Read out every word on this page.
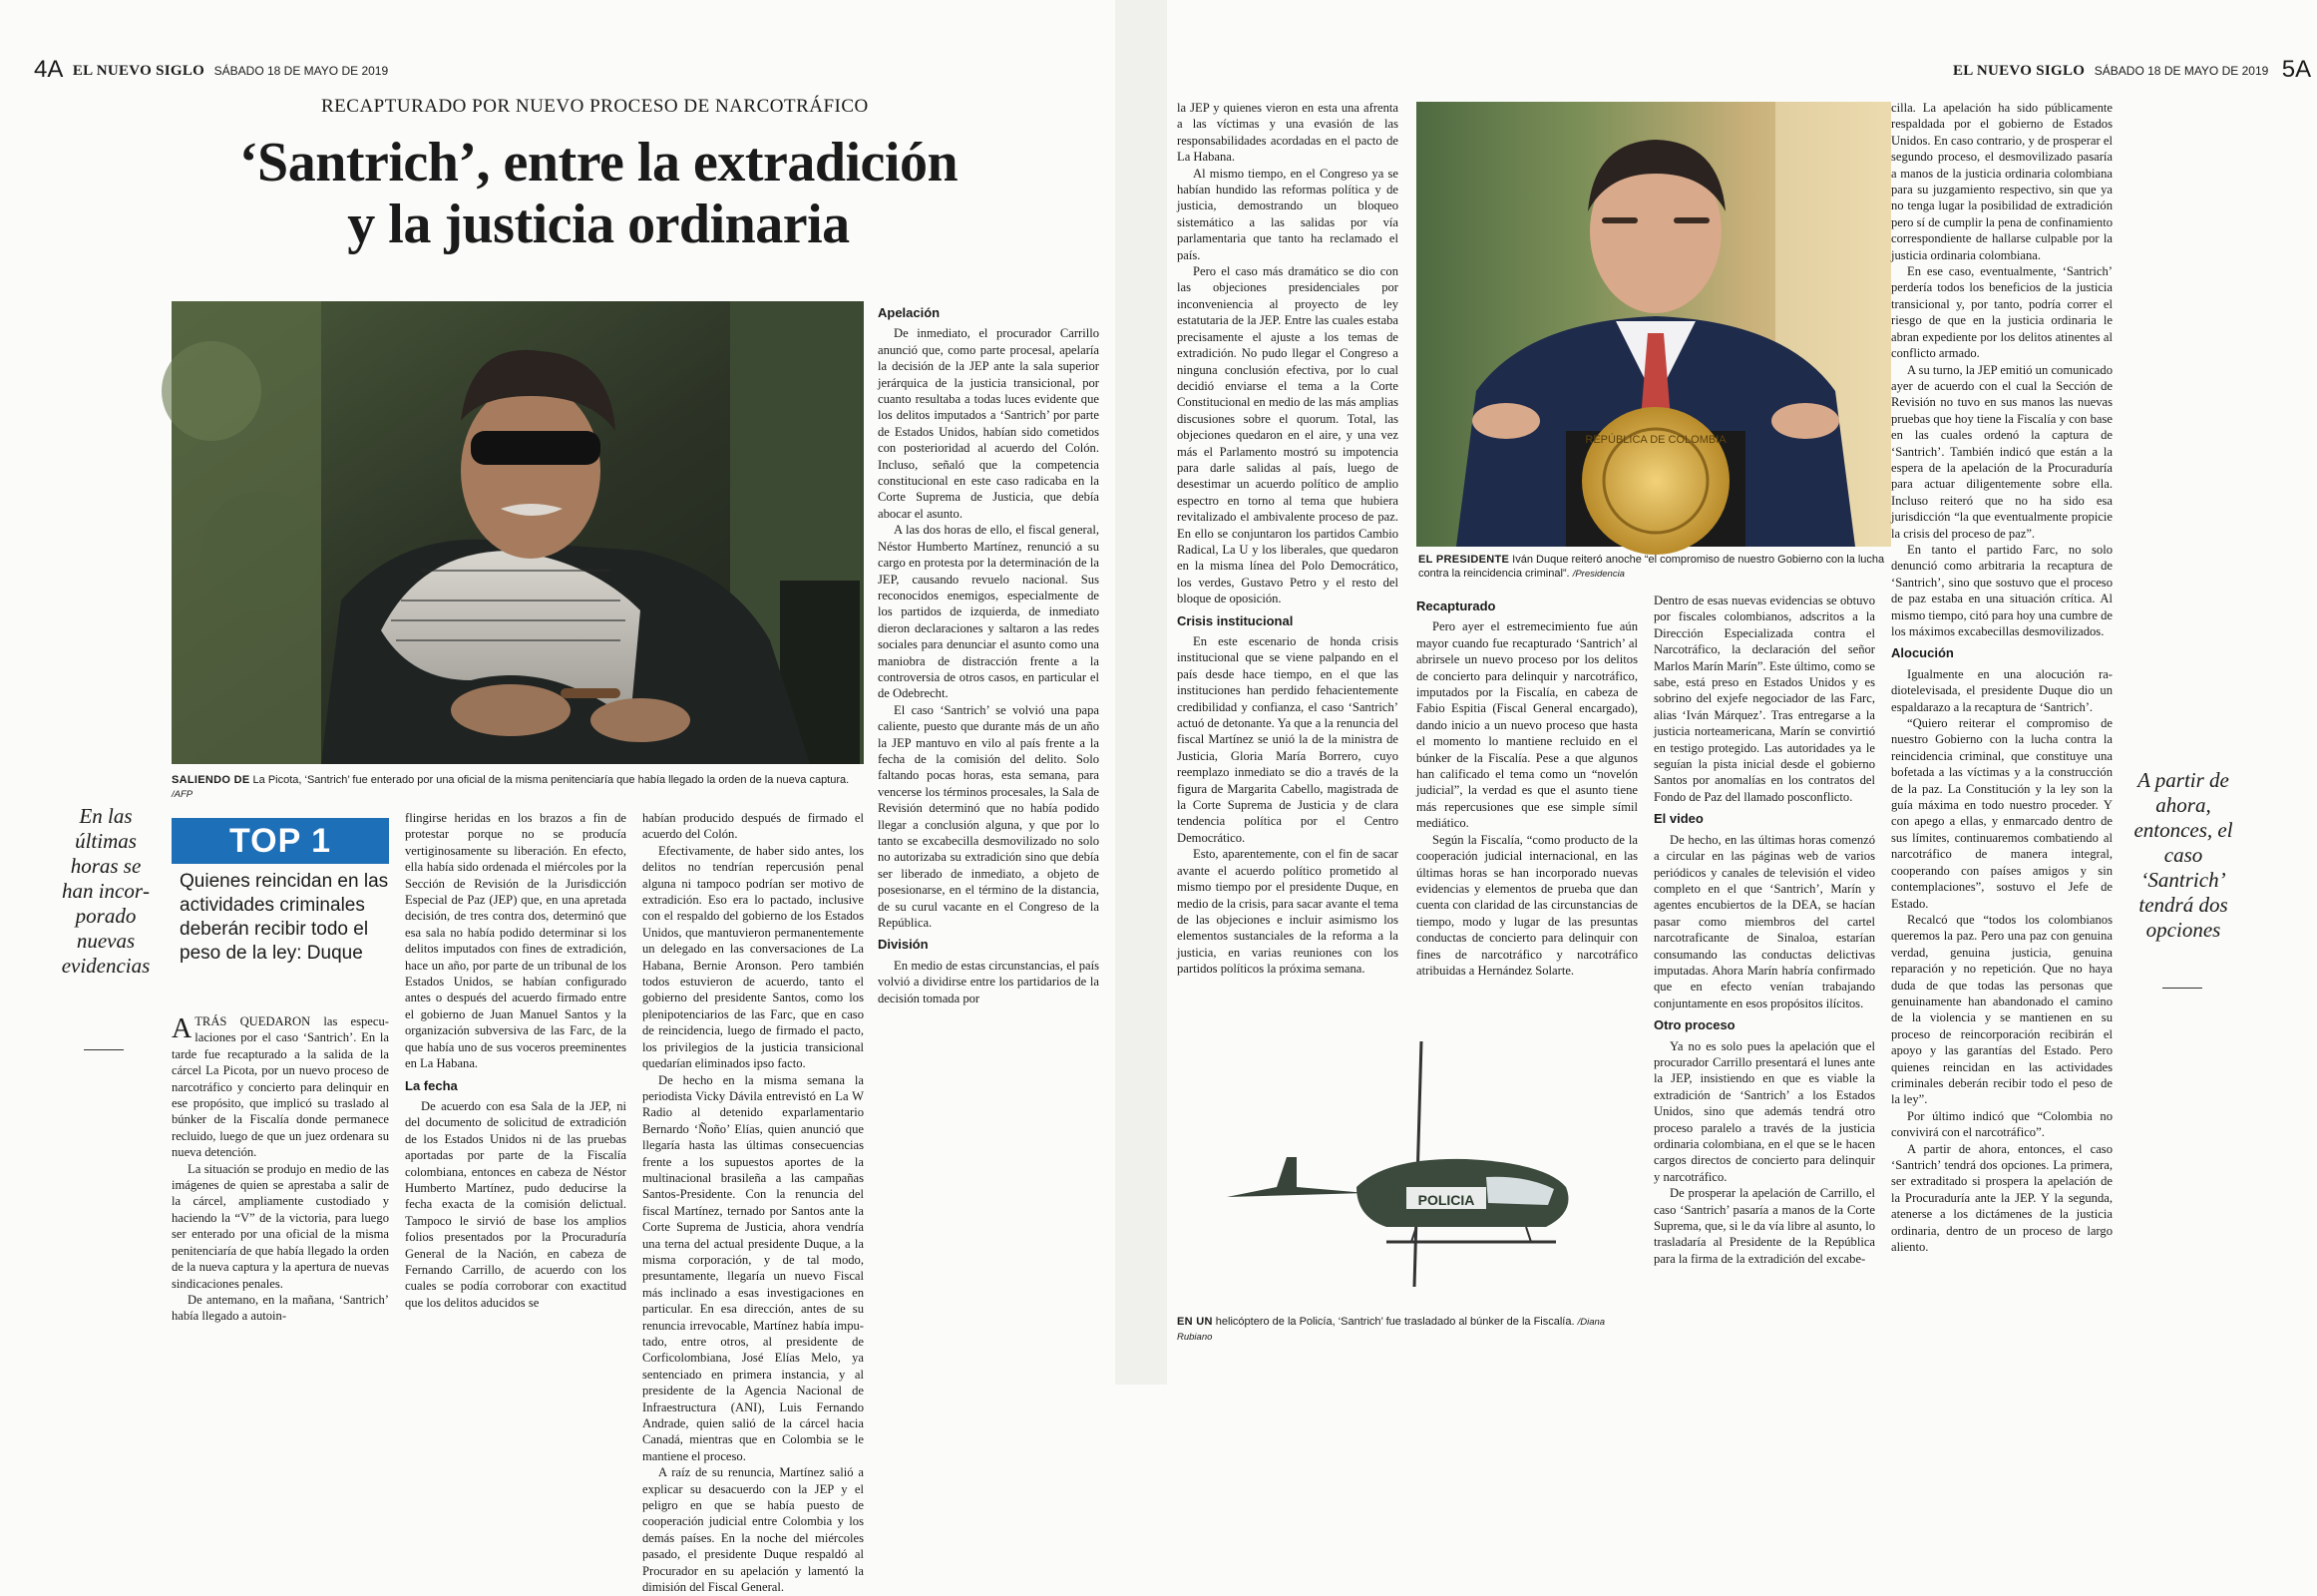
4A EL NUEVO SIGLO SÁBADO 18 DE MAYO DE 2019
RECAPTURADO POR NUEVO PROCESO DE NARCOTRÁFICO
‘Santrich’, entre la extradición
y la justicia ordinaria
SALIENDO DE La Picota, ‘Santrich’ fue enterado por una oficial de la misma penitenciaría que había llegado la orden de la nueva captura. /AFP
En las últimas horas se han incorporado nuevas evidencias
TOP 1
Quienes reincidan en las actividades criminales deberán recibir todo el peso de la ley: Duque

ATRÁS QUEDARON las especulaciones por el caso ‘Santrich’. En la tarde fue recapturado a la salida de la cárcel La Picota, por un nuevo proceso de narcotráfico y concierto para delinquir en ese propósito, que implicó su traslado al búnker de la Fiscalía donde permanece recluido, luego de que un juez ordenara su nueva detención.

La situación se produjo en medio de las imágenes de quien se aprestaba a salir de la cárcel, ampliamente custodiado y haciendo la “V” de la victoria, para luego ser enterado por una oficial de la misma penitenciaría de que había llegado la orden de la nueva captura y la apertura de nuevas sindicaciones penales.

De antemano, en la mañana, ‘Santrich’ había llegado a autoin-

flingirse heridas en los brazos a fin de protestar porque no se producía vertiginosamente su liberación. En efecto, ella había sido ordenada el miércoles por la Sección de Revisión de la Jurisdicción Especial de Paz (JEP) que, en una apretada decisión, de tres contra dos, determinó que esa sala no había podido determinar si los delitos imputados con fines de extradición, hace un año, por parte de un tribunal de los Estados Unidos, se habían configurado antes o después del acuerdo firmado entre el gobierno de Juan Manuel Santos y la organización subversiva de las Farc, de la que había uno de sus voceros preeminentes en La Habana.

La fecha

De acuerdo con esa Sala de la JEP, ni del documento de solicitud de extradición de los Estados Unidos ni de las pruebas aportadas por parte de la Fiscalía colombiana, entonces en cabeza de Néstor Humberto Martínez, pudo deducirse la fecha exacta de la comisión delictual. Tampoco le sirvió de base los amplios folios presentados por la Procuraduría General de la Nación, en cabeza de Fernando Carrillo, de acuerdo con los cuales se podía corroborar con exactitud que los delitos aducidos se

habían producido después de firmado el acuerdo del Colón.

Efectivamente, de haber sido antes, los delitos no tendrían repercusión penal alguna ni tampoco podrían ser motivo de extradición. Eso era lo pactado, inclusive con el respaldo del gobierno de los Estados Unidos, que mantuvieron permanentemente un delegado en las conversaciones de La Habana, Bernie Aronson. Pero también todos estuvieron de acuerdo, tanto el gobierno del presidente Santos, como los plenipotenciarios de las Farc, que en caso de reincidencia, luego de firmado el pacto, los privilegios de la justicia transicional quedarían eliminados ipso facto.

De hecho en la misma semana la periodista Vicky Dávila entrevistó en La W Radio al detenido exparlamentario Bernardo ‘Ñoño’ Elías, quien anunció que llegaría hasta las últimas consecuencias frente a los supuestos aportes de la multinacional brasileña a las campañas Santos-Presidente. Con la renuncia del fiscal Martínez, ternado por Santos ante la Corte Suprema de Justicia, ahora vendría una terna del actual presidente Duque, a la misma corporación, y de tal modo, presuntamente, llegaría un nuevo Fiscal más inclinado a esas investigaciones en particular. En esa dirección, antes de su renuncia irrevocable, Martínez había imputado, entre otros, al presidente de Corficolombiana, José Elías Melo, ya sentenciado en primera instancia, y al presidente de la Agencia Nacional de Infraestructura (ANI), Luis Fernando Andrade, quien salió de la cárcel hacia Canadá, mientras que en Colombia se le mantiene el proceso.

A raíz de su renuncia, Martínez salió a explicar su desacuerdo con la JEP y el peligro en que se había puesto de cooperación judicial entre Colombia y los demás países. En la noche del miércoles pasado, el presidente Duque respaldó al Procurador en su apelación y lamentó la dimisión del Fiscal General.

Apelación

De inmediato, el procurador Carrillo anunció que, como parte procesal, apelaría la decisión de la JEP ante la sala superior jerárquica de la justicia transicional, por cuanto resultaba a todas luces evidente que los delitos imputados a ‘Santrich’ por parte de Estados Unidos, habían sido cometidos con posterioridad al acuerdo del Colón. Incluso, señaló que la competencia constitucional en este caso radicaba en la Corte Suprema de Justicia, que debía abocar el asunto.

A las dos horas de ello, el fiscal general, Néstor Humberto Martínez, renunció a su cargo en protesta por la determinación de la JEP, causando revuelo nacional. Sus reconocidos enemigos, especialmente de los partidos de izquierda, de inmediato dieron declaraciones y saltaron a las redes sociales para denunciar el asunto como una maniobra de distracción frente a la controversia de otros casos, en particular el de Odebrecht.

El caso ‘Santrich’ se volvió una papa caliente, puesto que durante más de un año la JEP mantuvo en vilo al país frente a la fecha de la comisión del delito. Solo faltando pocas horas, esta semana, para vencerse los términos procesales, la Sala de Revisión determinó que no había podido llegar a conclusión alguna, y que por lo tanto se excabecilla desmovilizado no solo no autorizaba su extradición sino que debía ser liberado de inmediato, a objeto de posesionarse, en el término de la distancia, de su curul vacante en el Congreso de la República.

División

En medio de estas circunstancias, el país volvió a dividirse entre los partidarios de la decisión tomada por

EL NUEVO SIGLO SÁBADO 18 DE MAYO DE 2019 5A

la JEP y quienes vieron en esta una afrenta a las víctimas y una evasión de las responsabilidades acordadas en el pacto de La Habana.

Al mismo tiempo, en el Congreso ya se habían hundido las reformas política y de justicia, demostrando un bloqueo sistemático a las salidas por vía parlamentaria que tanto ha reclamado el país.

Pero el caso más dramático se dio con las objeciones presidenciales por inconveniencia al proyecto de ley estatutaria de la JEP. Entre las cuales estaba precisamente el ajuste a los temas de extradición. No pudo llegar el Congreso a ninguna conclusión efectiva, por lo cual decidió enviarse el tema a la Corte Constitucional en medio de las más amplias discusiones sobre el quorum. Total, las objeciones quedaron en el aire, y una vez más el Parlamento mostró su impotencia para darle salidas al país, luego de desestimar un acuerdo político de amplio espectro en torno al tema que hubiera revitalizado el ambivalente proceso de paz. En ello se conjuntaron los partidos Cambio Radical, La U y los liberales, que quedaron en la misma línea del Polo Democrático, los verdes, Gustavo Petro y el resto del bloque de oposición.

Crisis institucional

En este escenario de honda crisis institucional que se viene palpando en el país desde hace tiempo, en el que las instituciones han perdido fehacientemente credibilidad y confianza, el caso ‘Santrich’ actuó de detonante. Ya que a la renuncia del fiscal Martínez se unió la de la ministra de Justicia, Gloria María Borrero, cuyo reemplazo inmediato se dio a través de la figura de Margarita Cabello, magistrada de la Corte Suprema de Justicia y de clara tendencia política por el Centro Democrático.

Esto, aparentemente, con el fin de sacar avante el acuerdo político prometido al mismo tiempo por el presidente Duque, en medio de la crisis, para sacar avante el tema de las objeciones e incluir asimismo los elementos sustanciales de la reforma a la justicia, en varias reuniones con los partidos políticos la próxima semana.

REPÚBLICA DE COLOMBIA
EL PRESIDENTE Iván Duque reiteró anoche “el compromiso de nuestro Gobierno con la lucha contra la reincidencia criminal”. /Presidencia
Recapturado

Pero ayer el estremecimiento fue aún mayor cuando fue recapturado ‘Santrich’ al abrirsele un nuevo proceso por los delitos de concierto para delinquir y narcotráfico, imputados por la Fiscalía, en cabeza de Fabio Espitia (Fiscal General encargado), dando inicio a un nuevo proceso que hasta el momento lo mantiene recluido en el búnker de la Fiscalía. Pese a que algunos han calificado el tema como un “novelón judicial”, la verdad es que el asunto tiene más repercusiones que ese simple símil mediático.

Según la Fiscalía, “como producto de la cooperación judicial internacional, en las últimas horas se han incorporado nuevas evidencias y elementos de prueba que dan cuenta con claridad de las circunstancias de tiempo, modo y lugar de las presuntas conductas de concierto para delinquir con fines de narcotráfico y narcotráfico atribuidas a Hernández Solarte.

Dentro de esas nuevas evidencias se obtuvo por fiscales colombianos, adscritos a la Dirección Especializada contra el Narcotráfico, la declaración del señor Marlos Marín Marín”. Este último, como se sabe, está preso en Estados Unidos y es sobrino del exjefe negociador de las Farc, alias ‘Iván Márquez’. Tras entregarse a la justicia norteamericana, Marín se convirtió en testigo protegido. Las autoridades ya le seguían la pista inicial desde el gobierno Santos por anomalías en los contratos del Fondo de Paz del llamado posconflicto.

El video

De hecho, en las últimas horas comenzó a circular en las páginas web de varios periódicos y canales de televisión el video completo en el que ‘Santrich’, Marín y agentes encubiertos de la DEA, se hacían pasar como miembros del cartel narcotraficante de Sinaloa, estarían consumando las conductas delictivas imputadas. Ahora Marín habría confirmado que en efecto venían trabajando conjuntamente en esos propósitos ilícitos.

Otro proceso

Ya no es solo pues la apelación que el procurador Carrillo presentará el lunes ante la JEP, insistiendo en que es viable la extradición de ‘Santrich’ a los Estados Unidos, sino que además tendrá otro proceso paralelo a través de la justicia ordinaria colombiana, en el que se le hacen cargos directos de concierto para delinquir y narcotráfico.

De prosperar la apelación de Carrillo, el caso ‘Santrich’ pasaría a manos de la Corte Suprema, que, si le da vía libre al asunto, lo trasladaría al Presidente de la República para la firma de la extradición del excabe-

POLICIA
EN UN helicóptero de la Policía, ‘Santrich’ fue trasladado al búnker de la Fiscalía. /Diana Rubiano

cilla. La apelación ha sido públicamente respaldada por el gobierno de Estados Unidos. En caso contrario, y de prosperar el segundo proceso, el desmovilizado pasaría a manos de la justicia ordinaria colombiana para su juzgamiento respectivo, sin que ya no tenga lugar la posibilidad de extradición pero sí de cumplir la pena de confinamiento correspondiente de hallarse culpable por la justicia ordinaria colombiana.

En ese caso, eventualmente, ‘Santrich’ perdería todos los beneficios de la justicia transicional y, por tanto, podría correr el riesgo de que en la justicia ordinaria le abran expediente por los delitos atinentes al conflicto armado.

A su turno, la JEP emitió un comunicado ayer de acuerdo con el cual la Sección de Revisión no tuvo en sus manos las nuevas pruebas que hoy tiene la Fiscalía y con base en las cuales ordenó la captura de ‘Santrich’. También indicó que están a la espera de la apelación de la Procuraduría para actuar diligentemente sobre ella. Incluso reiteró que no ha sido esa jurisdicción “la que eventualmente propicie la crisis del proceso de paz”.

En tanto el partido Farc, no solo denunció como arbitraria la recaptura de ‘Santrich’, sino que sostuvo que el proceso de paz estaba en una situación crítica. Al mismo tiempo, citó para hoy una cumbre de los máximos excabecillas desmovilizados.

Alocución

Igualmente en una alocución radiotelevisada, el presidente Duque dio un espaldarazo a la recaptura de ‘Santrich’.

“Quiero reiterar el compromiso de nuestro Gobierno con la lucha contra la reincidencia criminal, que constituye una bofetada a las víctimas y a la construcción de la paz. La Constitución y la ley son la guía máxima en todo nuestro proceder. Y con apego a ellas, y enmarcado dentro de sus límites, continuaremos combatiendo al narcotráfico de manera integral, cooperando con países amigos y sin contemplaciones”, sostuvo el Jefe de Estado.

Recalcó que “todos los colombianos queremos la paz. Pero una paz con genuina verdad, genuina justicia, genuina reparación y no repetición. Que no haya duda de que todas las personas que genuinamente han abandonado el camino de la violencia y se mantienen en su proceso de reincorporación recibirán el apoyo y las garantías del Estado. Pero quienes reincidan en las actividades criminales deberán recibir todo el peso de la ley”.

Por último indicó que “Colombia no convivirá con el narcotráfico”.

A partir de ahora, entonces, el caso ‘Santrich’ tendrá dos opciones. La primera, ser extraditado si prospera la apelación de la Procuraduría ante la JEP. Y la segunda, atenerse a los dictámenes de la justicia ordinaria, dentro de un proceso de largo aliento.

A partir de ahora, entonces, el caso ‘Santrich’ tendrá dos opciones
